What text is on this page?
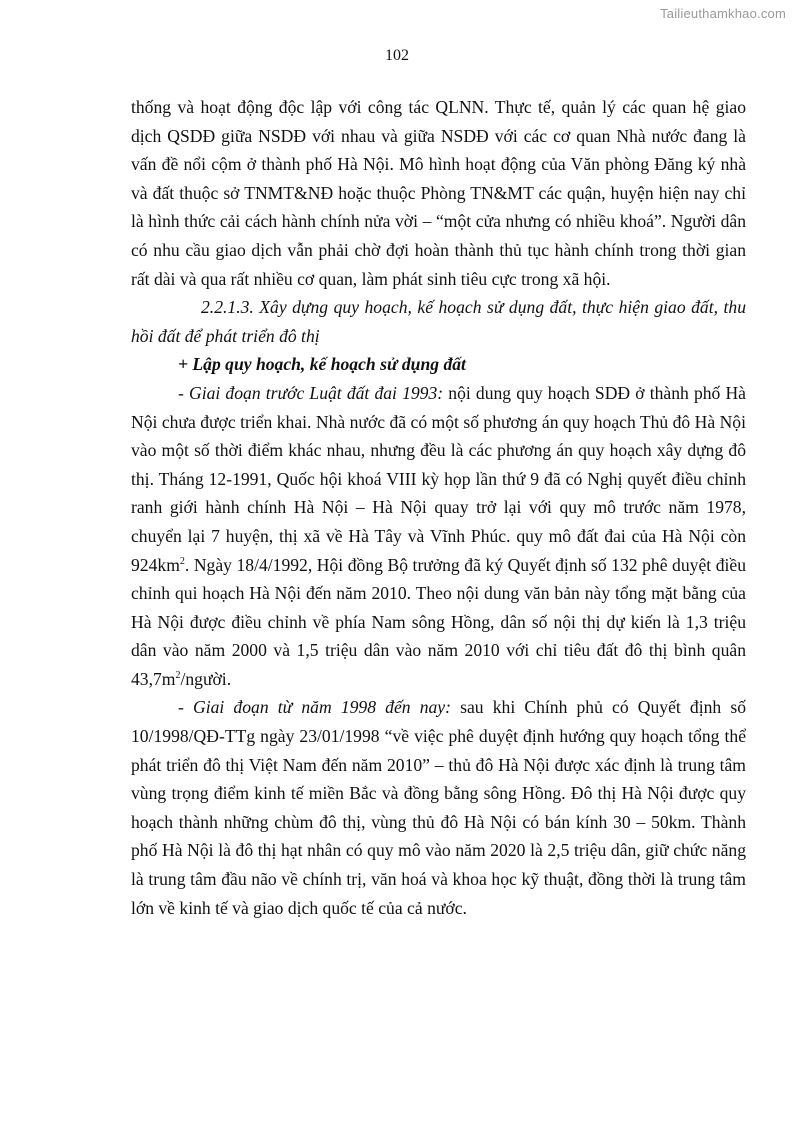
Tailieuthamkhao.com
102

thống và hoạt động độc lập với công tác QLNN. Thực tế, quản lý các quan hệ giao dịch QSDĐ giữa NSDĐ với nhau và giữa NSDĐ với các cơ quan Nhà nước đang là vấn đề nổi cộm ở thành phố Hà Nội. Mô hình hoạt động của Văn phòng Đăng ký nhà và đất thuộc sở TNMT&NĐ hoặc thuộc Phòng TN&MT các quận, huyện hiện nay chỉ là hình thức cải cách hành chính nửa vời – “một cửa nhưng có nhiều khoá”. Người dân có nhu cầu giao dịch vẫn phải chờ đợi hoàn thành thủ tục hành chính trong thời gian rất dài và qua rất nhiều cơ quan, làm phát sinh tiêu cực trong xã hội.

2.2.1.3. Xây dựng quy hoạch, kế hoạch sử dụng đất, thực hiện giao đất, thu hồi đất để phát triển đô thị

+ Lập quy hoạch, kế hoạch sử dụng đất

- Giai đoạn trước Luật đất đai 1993: nội dung quy hoạch SDĐ ở thành phố Hà Nội chưa được triển khai. Nhà nước đã có một số phương án quy hoạch Thủ đô Hà Nội vào một số thời điểm khác nhau, nhưng đều là các phương án quy hoạch xây dựng đô thị. Tháng 12-1991, Quốc hội khoá VIII kỳ họp lần thứ 9 đã có Nghị quyết điều chỉnh ranh giới hành chính Hà Nội – Hà Nội quay trở lại với quy mô trước năm 1978, chuyển lại 7 huyện, thị xã về Hà Tây và Vĩnh Phúc. quy mô đất đai của Hà Nội còn $924km^2$. Ngày 18/4/1992, Hội đồng Bộ trưởng đã ký Quyết định số 132 phê duyệt điều chỉnh qui hoạch Hà Nội đến năm 2010. Theo nội dung văn bản này tổng mặt bằng của Hà Nội được điều chỉnh về phía Nam sông Hồng, dân số nội thị dự kiến là 1,3 triệu dân vào năm 2000 và 1,5 triệu dân vào năm 2010 với chỉ tiêu đất đô thị bình quân $43,7m^2$/người.

- Giai đoạn từ năm 1998 đến nay: sau khi Chính phủ có Quyết định số 10/1998/QĐ-TTg ngày 23/01/1998 “về việc phê duyệt định hướng quy hoạch tổng thể phát triển đô thị Việt Nam đến năm 2010” – thủ đô Hà Nội được xác định là trung tâm vùng trọng điểm kinh tế miền Bắc và đồng bằng sông Hồng. Đô thị Hà Nội được quy hoạch thành những chùm đô thị, vùng thủ đô Hà Nội có bán kính 30 – 50km. Thành phố Hà Nội là đô thị hạt nhân có quy mô vào năm 2020 là 2,5 triệu dân, giữ chức năng là trung tâm đầu não về chính trị, văn hoá và khoa học kỹ thuật, đồng thời là trung tâm lớn về kinh tế và giao dịch quốc tế của cả nước.
